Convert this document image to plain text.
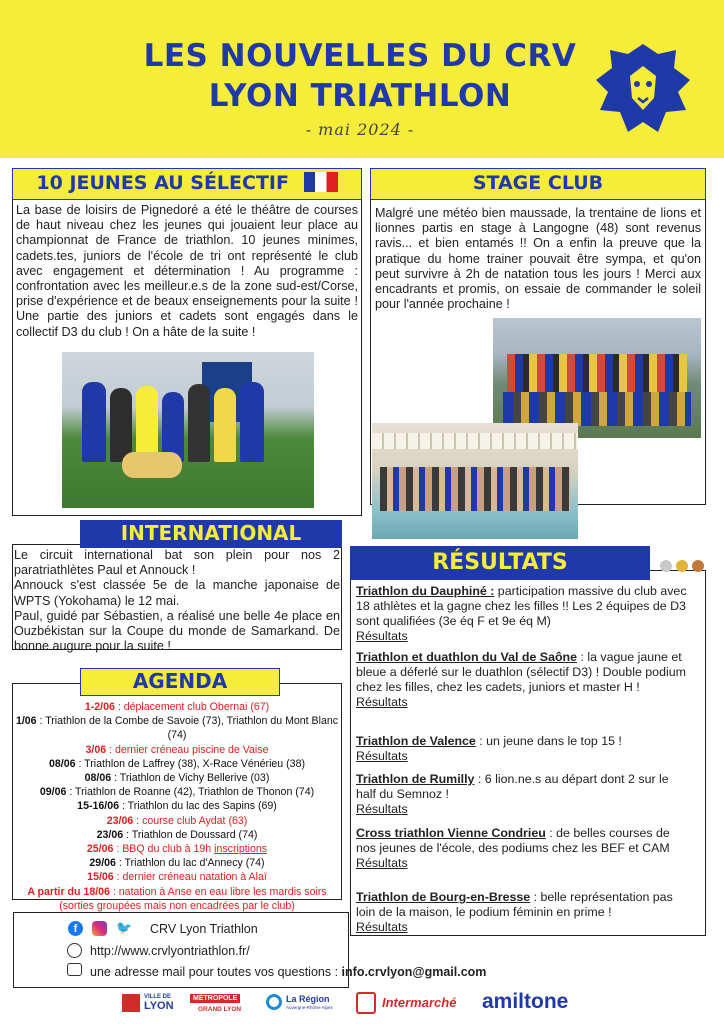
LES NOUVELLES DU CRV
LYON TRIATHLON
- mai 2024 -
10 JEUNES AU SÉLECTIF
La base de loisirs de Pignedoré a été le théâtre de courses de haut niveau chez les jeunes qui jouaient leur place au championnat de France de triathlon. 10 jeunes minimes, cadets.tes, juniors de l'école de tri ont représenté le club avec engagement et détermination ! Au programme : confrontation avec les meilleur.e.s de la zone sud-est/Corse, prise d'expérience et de beaux enseignements pour la suite ! Une partie des juniors et cadets sont engagés dans le collectif D3 du club ! On a hâte de la suite !
STAGE CLUB
Malgré une météo bien maussade, la trentaine de lions et lionnes partis en stage à Langogne (48) sont revenus ravis... et bien entamés !! On a enfin la preuve que la pratique du home trainer pouvait être sympa, et qu'on peut survivre à 2h de natation tous les jours ! Merci aux encadrants et promis, on essaie de commander le soleil pour l'année prochaine !
INTERNATIONAL
Le circuit international bat son plein pour nos 2 paratriathlètes Paul et Annouck !
Annouck s'est classée 5e de la manche japonaise de WPTS (Yokohama) le 12 mai.
Paul, guidé par Sébastien, a réalisé une belle 4e place en Ouzbékistan sur la Coupe du monde de Samarkand. De bonne augure pour la suite !
AGENDA
1-2/06 : déplacement club Obernai (67)
1/06 : Triathlon de la Combe de Savoie (73), Triathlon du Mont Blanc (74)
3/06 : dernier créneau piscine de Vaise
08/06 : Triathlon de Laffrey (38), X-Race Vénérieu (38)
08/06 : Triathlon de Vichy Bellerive (03)
09/06 : Triathlon de Roanne (42), Triathlon de Thonon (74)
15-16/06 : Triathlon du lac des Sapins (69)
23/06 : course club Aydat (63)
23/06 : Triathlon de Doussard (74)
25/06 : BBQ du club à 19h inscriptions
29/06 : Triathlon du lac d'Annecy (74)
15/06 : dernier créneau natation à Alaï
A partir du 18/06 : natation à Anse en eau libre les mardis soirs (sorties groupées mais non encadrées par le club)
RÉSULTATS
Triathlon du Dauphiné : participation massive du club avec 18 athlètes et la gagne chez les filles !! Les 2 équipes de D3 sont qualifiées (3e éq F et 9e éq M)
Résultats
Triathlon et duathlon du Val de Saône : la vague jaune et bleue a déferlé sur le duathlon (sélectif D3) ! Double podium chez les filles, chez les cadets, juniors et master H !
Résultats
Triathlon de Valence : un jeune dans le top 15 !
Résultats
Triathlon de Rumilly : 6 lion.ne.s au départ dont 2 sur le half du Semnoz !
Résultats
Cross triathlon Vienne Condrieu : de belles courses de nos jeunes de l'école, des podiums chez les BEF et CAM
Résultats
Triathlon de Bourg-en-Bresse : belle représentation pas loin de la maison, le podium féminin en prime !
Résultats
f	🐦 CRV Lyon Triathlon
http://www.crvlyontriathlon.fr/
une adresse mail pour toutes vos questions : info.crvlyon@gmail.com
VILLE DE
LYON
MÉTROPOLE
GRAND LYON
La Région
Auvergne-Rhône-Alpes	Intermarché amiltone
